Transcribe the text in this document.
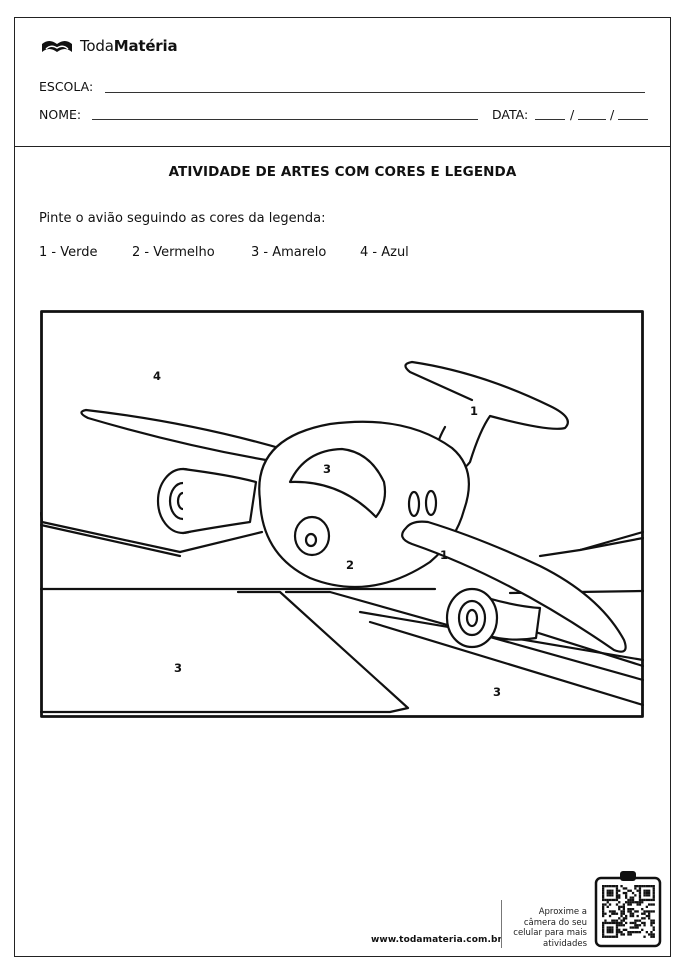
TodaMatéria
ESCOLA:
NOME:	DATA:	/	/
ATIVIDADE DE ARTES COM CORES E LEGENDA
Pinte o avião seguindo as cores da legenda:
1 - Verde	2 - Vermelho	3 - Amarelo	4 - Azul
4
1
3
2
1
3
3
www.todamateria.com.br
Aproxime a
câmera do seu
celular para mais
atividades
